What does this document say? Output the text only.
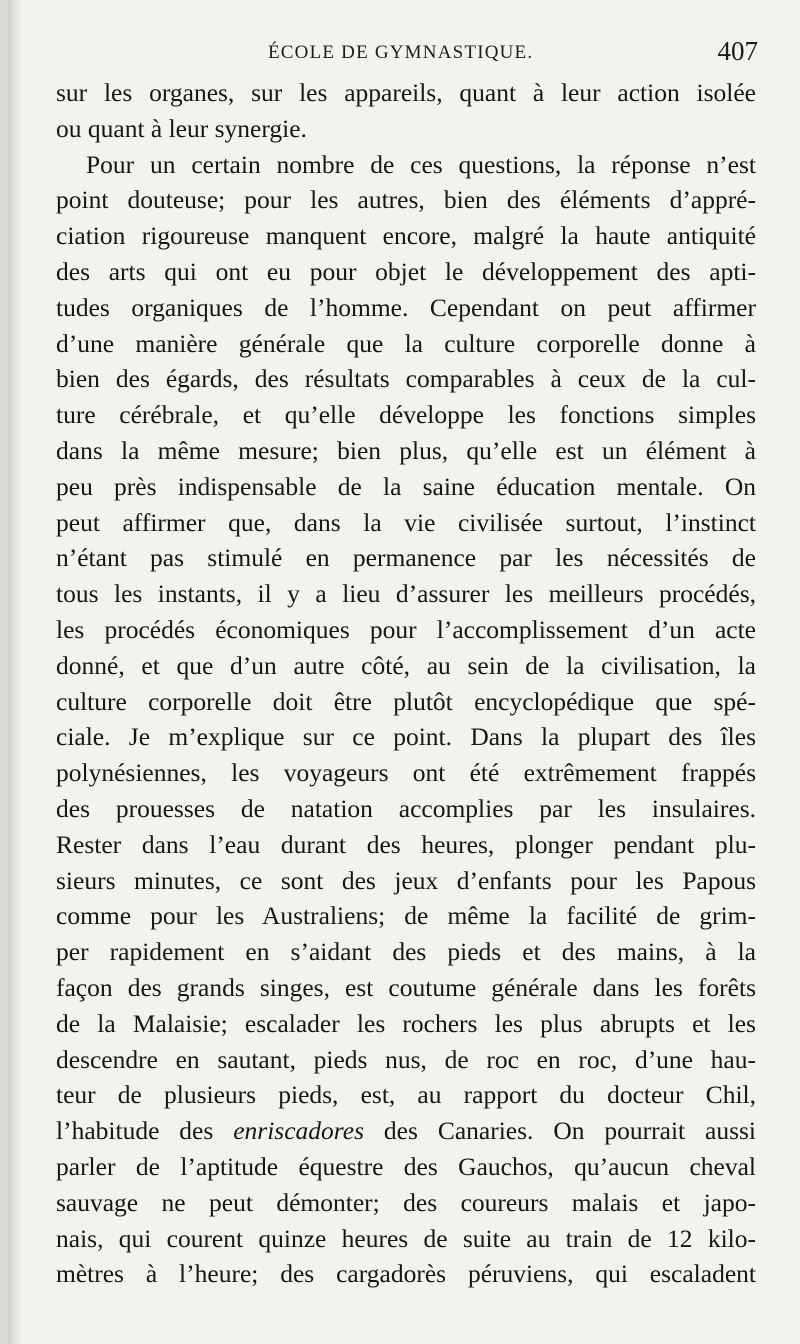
ÉCOLE DE GYMNASTIQUE.	407
sur les organes, sur les appareils, quant à leur action isolée
ou quant à leur synergie.
Pour un certain nombre de ces questions, la réponse n’est
point douteuse; pour les autres, bien des éléments d’appré-
ciation rigoureuse manquent encore, malgré la haute antiquité
des arts qui ont eu pour objet le développement des apti-
tudes organiques de l’homme. Cependant on peut affirmer
d’une manière générale que la culture corporelle donne à
bien des égards, des résultats comparables à ceux de la cul-
ture cérébrale, et qu’elle développe les fonctions simples
dans la même mesure; bien plus, qu’elle est un élément à
peu près indispensable de la saine éducation mentale. On
peut affirmer que, dans la vie civilisée surtout, l’instinct
n’étant pas stimulé en permanence par les nécessités de
tous les instants, il y a lieu d’assurer les meilleurs procédés,
les procédés économiques pour l’accomplissement d’un acte
donné, et que d’un autre côté, au sein de la civilisation, la
culture corporelle doit être plutôt encyclopédique que spé-
ciale. Je m’explique sur ce point. Dans la plupart des îles
polynésiennes, les voyageurs ont été extrêmement frappés
des prouesses de natation accomplies par les insulaires.
Rester dans l’eau durant des heures, plonger pendant plu-
sieurs minutes, ce sont des jeux d’enfants pour les Papous
comme pour les Australiens; de même la facilité de grim-
per rapidement en s’aidant des pieds et des mains, à la
façon des grands singes, est coutume générale dans les forêts
de la Malaisie; escalader les rochers les plus abrupts et les
descendre en sautant, pieds nus, de roc en roc, d’une hau-
teur de plusieurs pieds, est, au rapport du docteur Chil,
l’habitude des enriscadores des Canaries. On pourrait aussi
parler de l’aptitude équestre des Gauchos, qu’aucun cheval
sauvage ne peut démonter; des coureurs malais et japo-
nais, qui courent quinze heures de suite au train de 12 kilo-
mètres à l’heure; des cargadorès péruviens, qui escaladent
